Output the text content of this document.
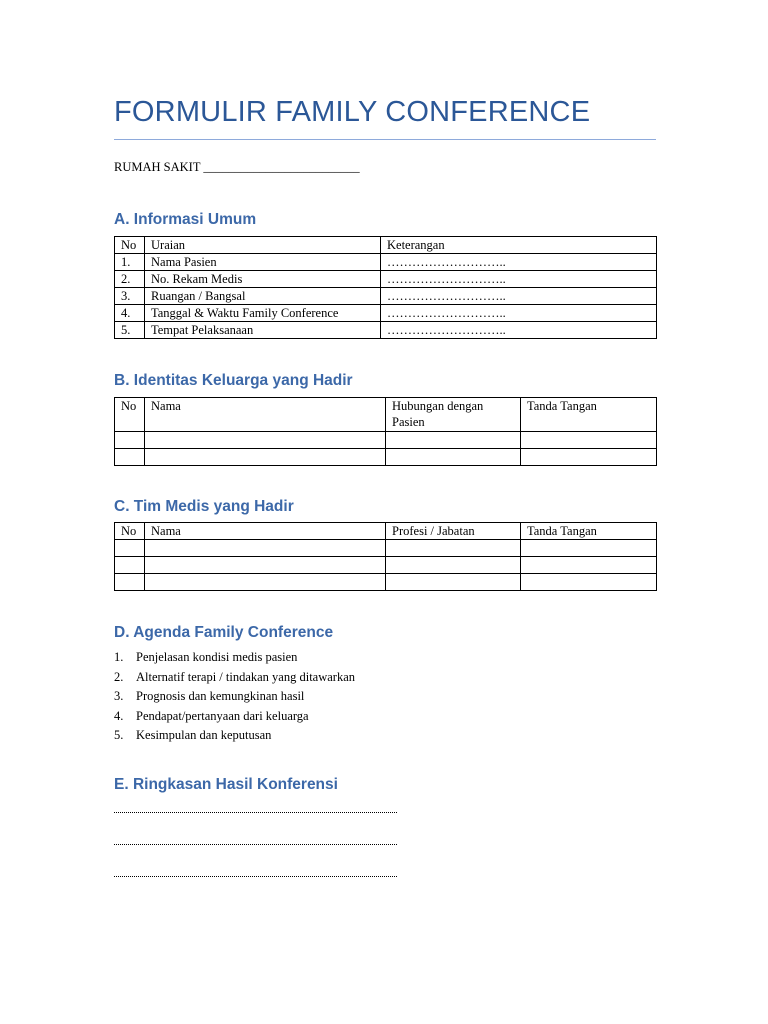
FORMULIR FAMILY CONFERENCE
RUMAH SAKIT _________________________
A. Informasi Umum
No	Uraian	Keterangan
1.	Nama Pasien	………………………..
2.	No. Rekam Medis	………………………..
3.	Ruangan / Bangsal	………………………..
4.	Tanggal & Waktu Family Conference	………………………..
5.	Tempat Pelaksanaan	………………………..
B. Identitas Keluarga yang Hadir
No	Nama	Hubungan dengan Pasien	Tanda Tangan

C. Tim Medis yang Hadir
No	Nama	Profesi / Jabatan	Tanda Tangan

D. Agenda Family Conference
1. Penjelasan kondisi medis pasien
2. Alternatif terapi / tindakan yang ditawarkan
3. Prognosis dan kemungkinan hasil
4. Pendapat/pertanyaan dari keluarga
5. Kesimpulan dan keputusan
E. Ringkasan Hasil Konferensi
